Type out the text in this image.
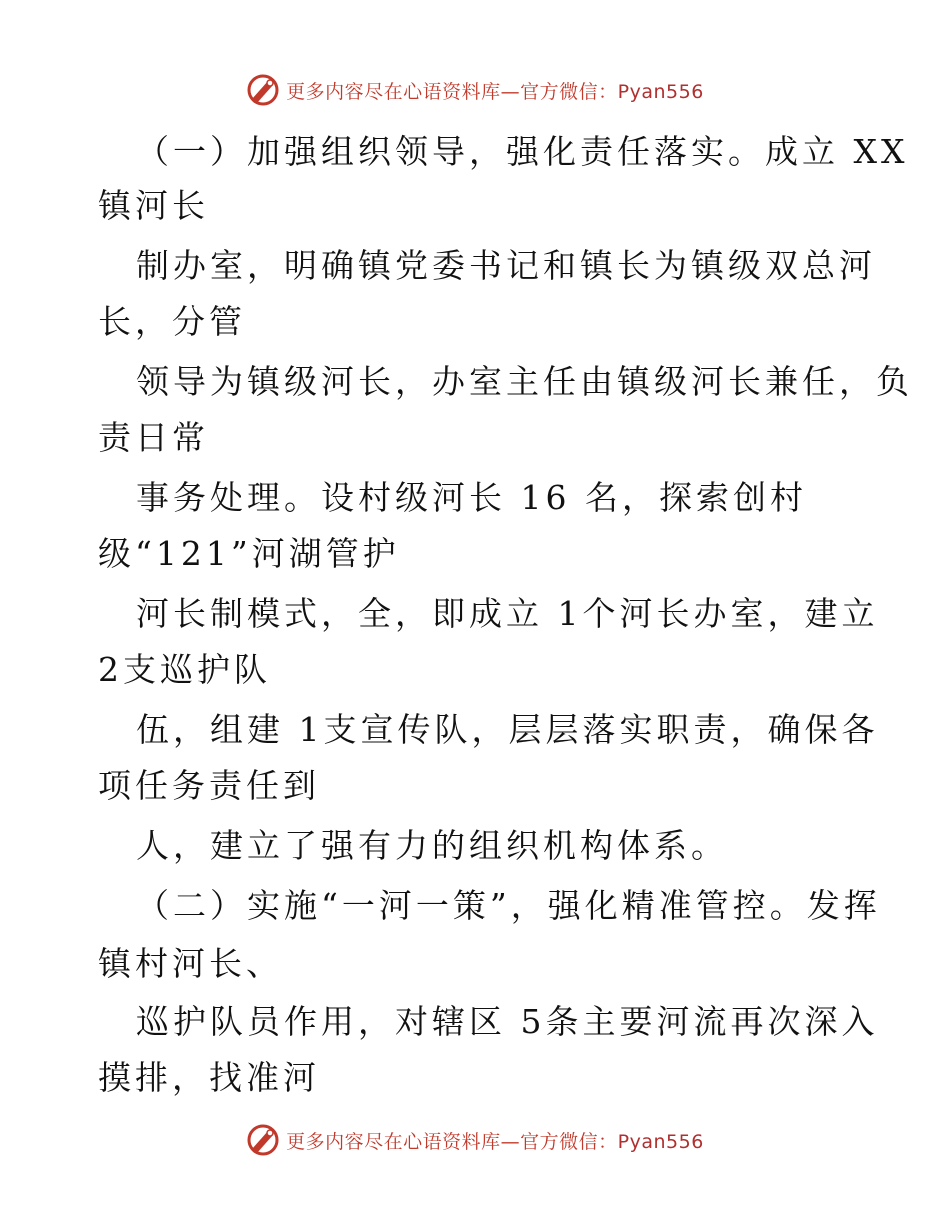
更多内容尽在心语资料库—官方微信：Pyan556
（一）加强组织领导，强化责任落实。成立 XX
镇河长
制办室，明确镇党委书记和镇长为镇级双总河
长，分管
领导为镇级河长，办室主任由镇级河长兼任，负
责日常
事务处理。设村级河长 16 名，探索创村
级“121”河湖管护
河长制模式，全，即成立 1个河长办室，建立
2支巡护队
伍，组建 1支宣传队，层层落实职责，确保各
项任务责任到
人，建立了强有力的组织机构体系。
（二）实施“一河一策”，强化精准管控。发挥
镇村河长、
巡护队员作用，对辖区 5条主要河流再次深入
摸排，找准河
更多内容尽在心语资料库—官方微信：Pyan556
